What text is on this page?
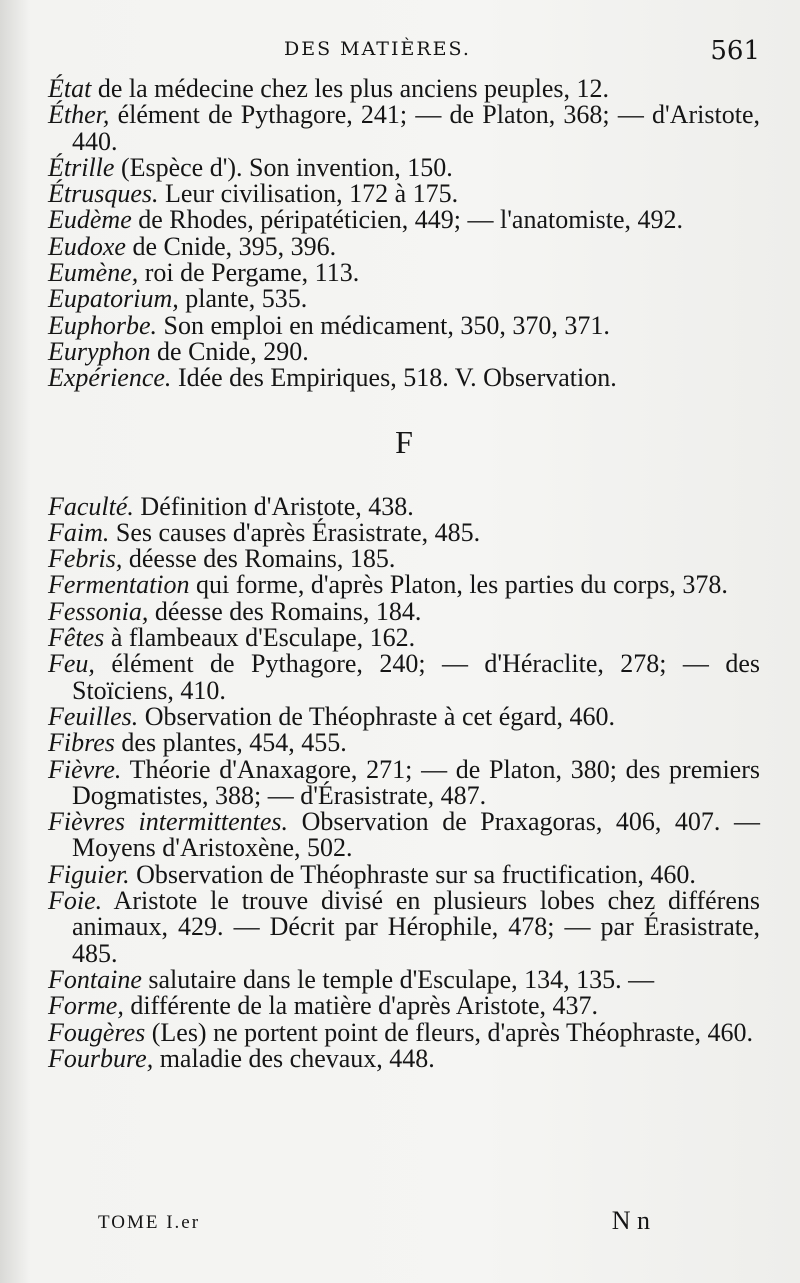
DES MATIÈRES.	561

État de la médecine chez les plus anciens peuples, 12.

Éther, élément de Pythagore, 241; — de Platon, 368; — d'Aristote, 440.

Étrille (Espèce d'). Son invention, 150.

Étrusques. Leur civilisation, 172 à 175.

Eudème de Rhodes, péripatéticien, 449; — l'anatomiste, 492.

Eudoxe de Cnide, 395, 396.

Eumène, roi de Pergame, 113.

Eupatorium, plante, 535.

Euphorbe. Son emploi en médicament, 350, 370, 371.

Euryphon de Cnide, 290.

Expérience. Idée des Empiriques, 518. V. Observation.

F

Faculté. Définition d'Aristote, 438.

Faim. Ses causes d'après Érasistrate, 485.

Febris, déesse des Romains, 185.

Fermentation qui forme, d'après Platon, les parties du corps, 378.

Fessonia, déesse des Romains, 184.

Fêtes à flambeaux d'Esculape, 162.

Feu, élément de Pythagore, 240; — d'Héraclite, 278; — des Stoïciens, 410.

Feuilles. Observation de Théophraste à cet égard, 460.

Fibres des plantes, 454, 455.

Fièvre. Théorie d'Anaxagore, 271; — de Platon, 380; des premiers Dogmatistes, 388; — d'Érasistrate, 487.

Fièvres intermittentes. Observation de Praxagoras, 406, 407. — Moyens d'Aristoxène, 502.

Figuier. Observation de Théophraste sur sa fructification, 460.

Foie. Aristote le trouve divisé en plusieurs lobes chez différens animaux, 429. — Décrit par Hérophile, 478; — par Érasistrate, 485.

Fontaine salutaire dans le temple d'Esculape, 134, 135. —

Forme, différente de la matière d'après Aristote, 437.

Fougères (Les) ne portent point de fleurs, d'après Théophraste, 460.

Fourbure, maladie des chevaux, 448.

TOME I.er	N n
